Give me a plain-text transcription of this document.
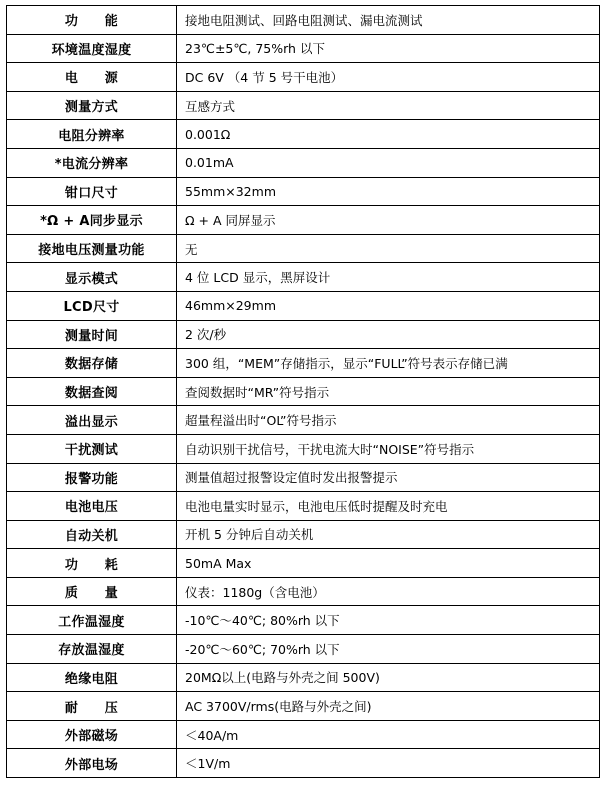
功　　能	接地电阻测试、回路电阻测试、漏电流测试
环境温度湿度	23℃±5℃, 75%rh 以下
电　　源	DC 6V （4 节 5 号干电池）
测量方式	互感方式
电阻分辨率	0.001Ω
*电流分辨率	0.01mA
钳口尺寸	55mm×32mm
*Ω + A同步显示	Ω + A 同屏显示
接地电压测量功能	无
显示模式	4 位 LCD 显示，黑屏设计
LCD尺寸	46mm×29mm
测量时间	2 次/秒
数据存储	300 组，“MEM”存储指示，显示“FULL”符号表示存储已满
数据查阅	查阅数据时“MR”符号指示
溢出显示	超量程溢出时“OL”符号指示
干扰测试	自动识别干扰信号，干扰电流大时“NOISE”符号指示
报警功能	测量值超过报警设定值时发出报警提示
电池电压	电池电量实时显示，电池电压低时提醒及时充电
自动关机	开机 5 分钟后自动关机
功　　耗	50mA Max
质　　量	仪表：1180g（含电池）
工作温湿度	-10℃～40℃; 80%rh 以下
存放温湿度	-20℃～60℃; 70%rh 以下
绝缘电阻	20MΩ以上(电路与外壳之间 500V)
耐　　压	AC 3700V/rms(电路与外壳之间)
外部磁场	＜40A/m
外部电场	＜1V/m
